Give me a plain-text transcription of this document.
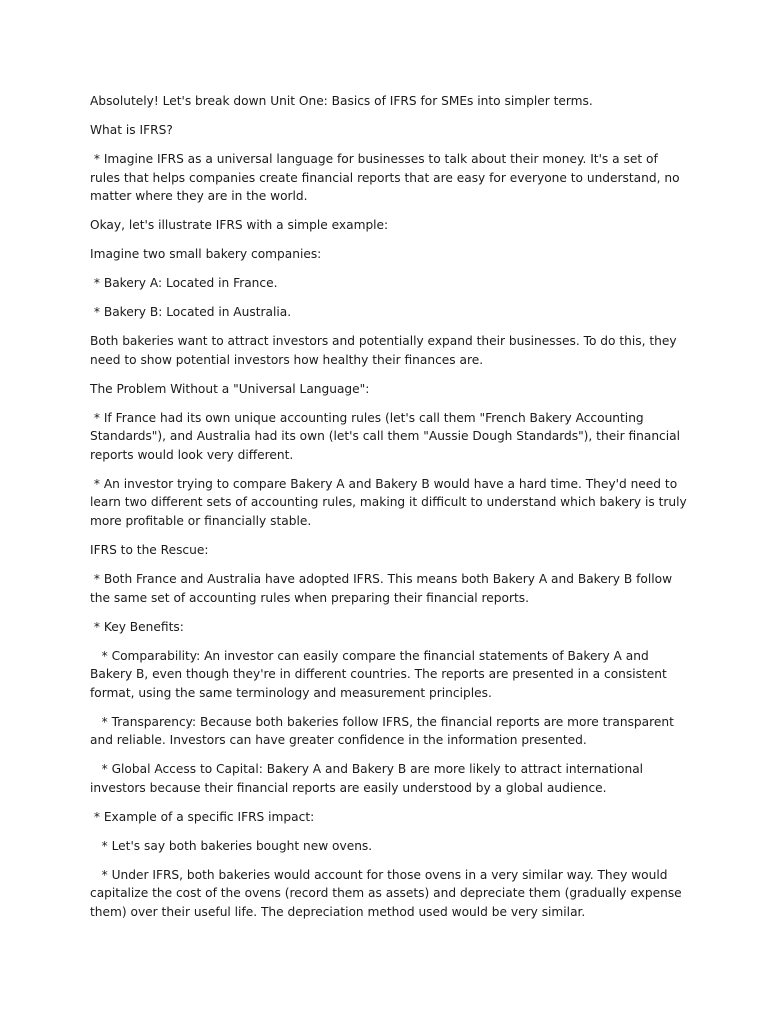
Absolutely! Let's break down Unit One: Basics of IFRS for SMEs into simpler terms.

What is IFRS?

* Imagine IFRS as a universal language for businesses to talk about their money. It's a set of rules that helps companies create financial reports that are easy for everyone to understand, no matter where they are in the world.

Okay, let's illustrate IFRS with a simple example:

Imagine two small bakery companies:

* Bakery A: Located in France.

* Bakery B: Located in Australia.

Both bakeries want to attract investors and potentially expand their businesses. To do this, they need to show potential investors how healthy their finances are.

The Problem Without a "Universal Language":

* If France had its own unique accounting rules (let's call them "French Bakery Accounting Standards"), and Australia had its own (let's call them "Aussie Dough Standards"), their financial reports would look very different.

* An investor trying to compare Bakery A and Bakery B would have a hard time. They'd need to learn two different sets of accounting rules, making it difficult to understand which bakery is truly more profitable or financially stable.

IFRS to the Rescue:

* Both France and Australia have adopted IFRS. This means both Bakery A and Bakery B follow the same set of accounting rules when preparing their financial reports.

* Key Benefits:

* Comparability: An investor can easily compare the financial statements of Bakery A and Bakery B, even though they're in different countries. The reports are presented in a consistent format, using the same terminology and measurement principles.

* Transparency: Because both bakeries follow IFRS, the financial reports are more transparent and reliable. Investors can have greater confidence in the information presented.

* Global Access to Capital: Bakery A and Bakery B are more likely to attract international investors because their financial reports are easily understood by a global audience.

* Example of a specific IFRS impact:

* Let's say both bakeries bought new ovens.

* Under IFRS, both bakeries would account for those ovens in a very similar way. They would capitalize the cost of the ovens (record them as assets) and depreciate them (gradually expense them) over their useful life. The depreciation method used would be very similar.
